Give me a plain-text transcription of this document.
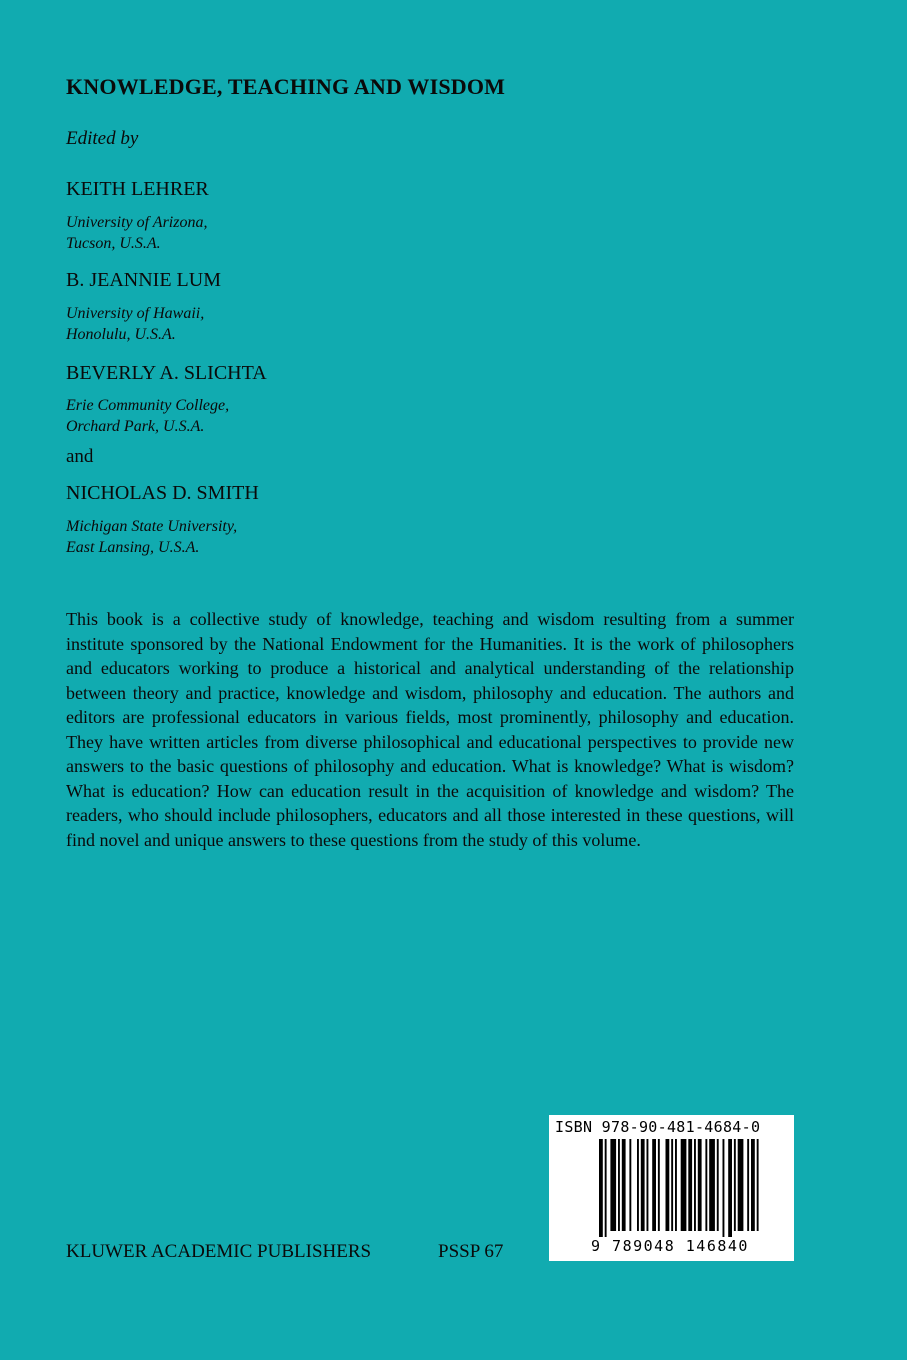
KNOWLEDGE, TEACHING AND WISDOM
Edited by
KEITH LEHRER
University of Arizona,
Tucson, U.S.A.
B. JEANNIE LUM
University of Hawaii,
Honolulu, U.S.A.
BEVERLY A. SLICHTA
Erie Community College,
Orchard Park, U.S.A.
and
NICHOLAS D. SMITH
Michigan State University,
East Lansing, U.S.A.

This book is a collective study of knowledge, teaching and wisdom resulting from a summer institute sponsored by the National Endowment for the Humanities. It is the work of philosophers and educators working to produce a historical and analytical understanding of the relationship between theory and practice, knowledge and wisdom, philosophy and education. The authors and editors are professional educators in various fields, most prominently, philosophy and education. They have written articles from diverse philosophical and educational perspectives to provide new answers to the basic questions of philosophy and education. What is knowledge? What is wisdom? What is education? How can education result in the acquisition of knowledge and wisdom? The readers, who should include philosophers, educators and all those interested in these questions, will find novel and unique answers to these questions from the study of this volume.

KLUWER ACADEMIC PUBLISHERS	PSSP 67
ISBN 978-90-481-4684-0
9 789048 146840
